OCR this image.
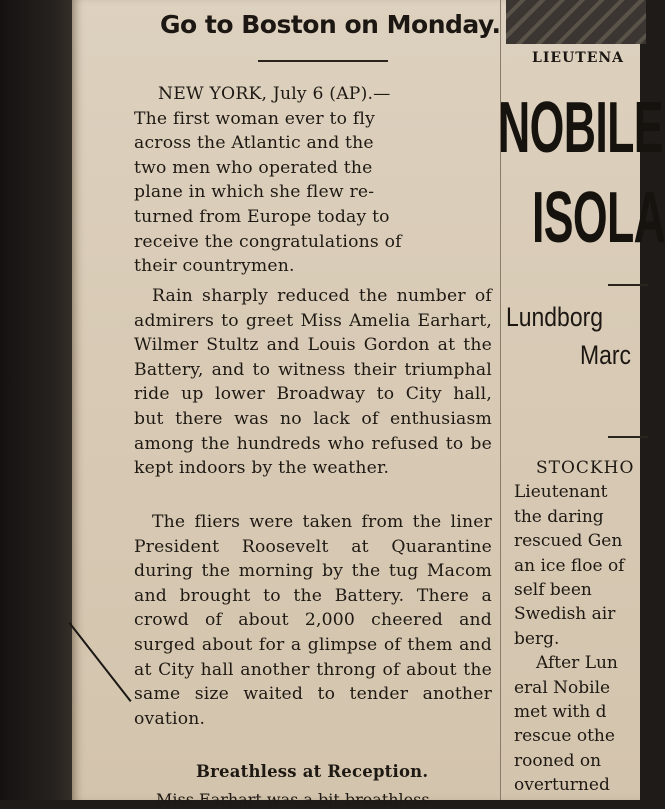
Go to Boston on Monday.
NEW YORK, July 6 (AP).—
The first woman ever to fly
across the Atlantic and the
two men who operated the
plane in which she flew re-
turned from Europe today to
receive the congratulations of
their countrymen.

Rain sharply reduced the number of admirers to greet Miss Amelia Earhart, Wilmer Stultz and Louis Gordon at the Battery, and to witness their triumphal ride up lower Broadway to City hall, but there was no lack of enthusiasm among the hundreds who refused to be kept indoors by the weather.

The fliers were taken from the liner President Roosevelt at Quarantine during the morning by the tug Macom and brought to the Battery. There a crowd of about 2,000 cheered and surged about for a glimpse of them and at City hall another throng of about the same size waited to tender another ovation.

Breathless at Reception.
Miss Earhart was a bit breathless
LIEUTENA
NOBILE
ISOLA
Lundborg
Marc
STOCKHO
Lieutenant
the daring
rescued Gen
an ice floe of
self been
Swedish air
berg.
After Lun
eral Nobile
met with d
rescue othe
rooned on
overturned
